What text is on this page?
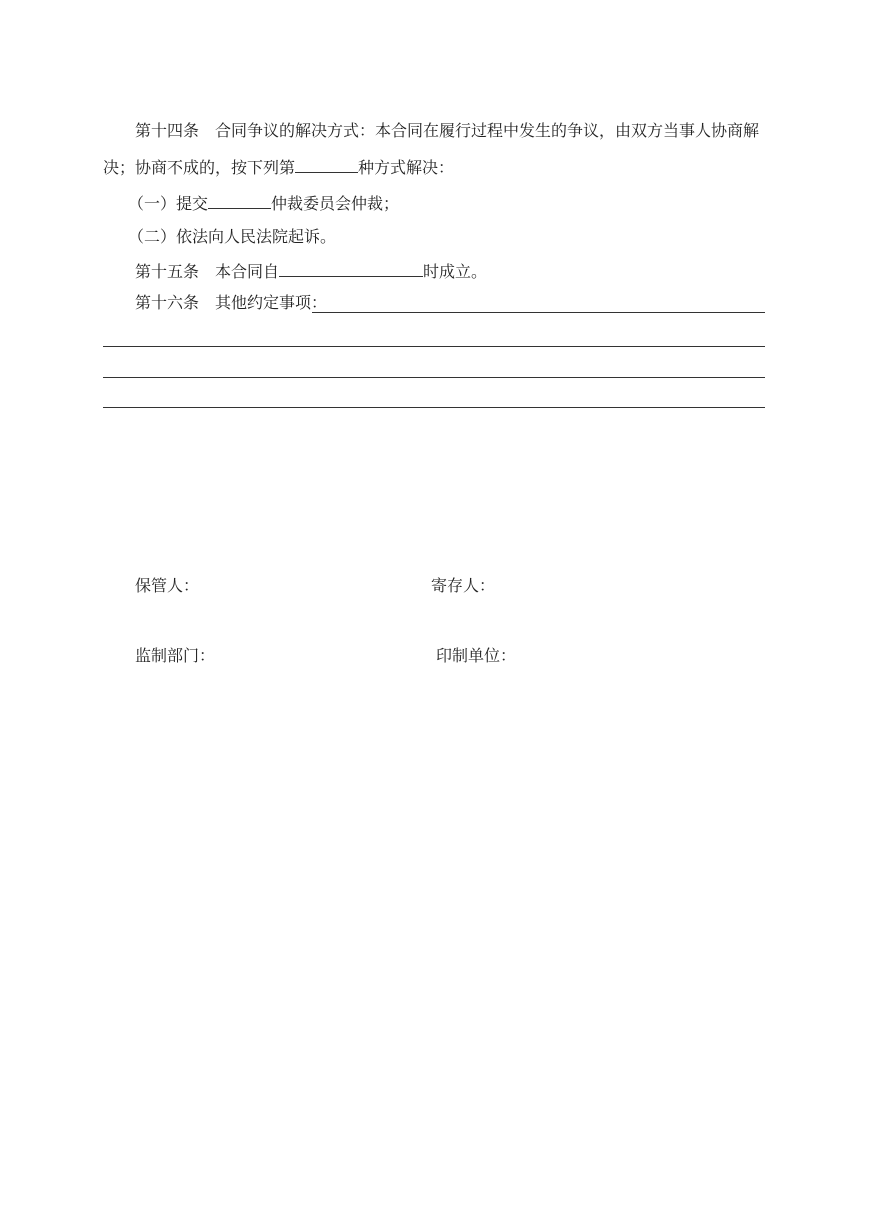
第十四条　合同争议的解决方式：本合同在履行过程中发生的争议，由双方当事人协商解
决；协商不成的，按下列第	种方式解决：
（一）提交	仲裁委员会仲裁；
（二）依法向人民法院起诉。
第十五条　本合同自	时成立。
第十六条　其他约定事项：
保管人：	寄存人：
监制部门：	印制单位：
